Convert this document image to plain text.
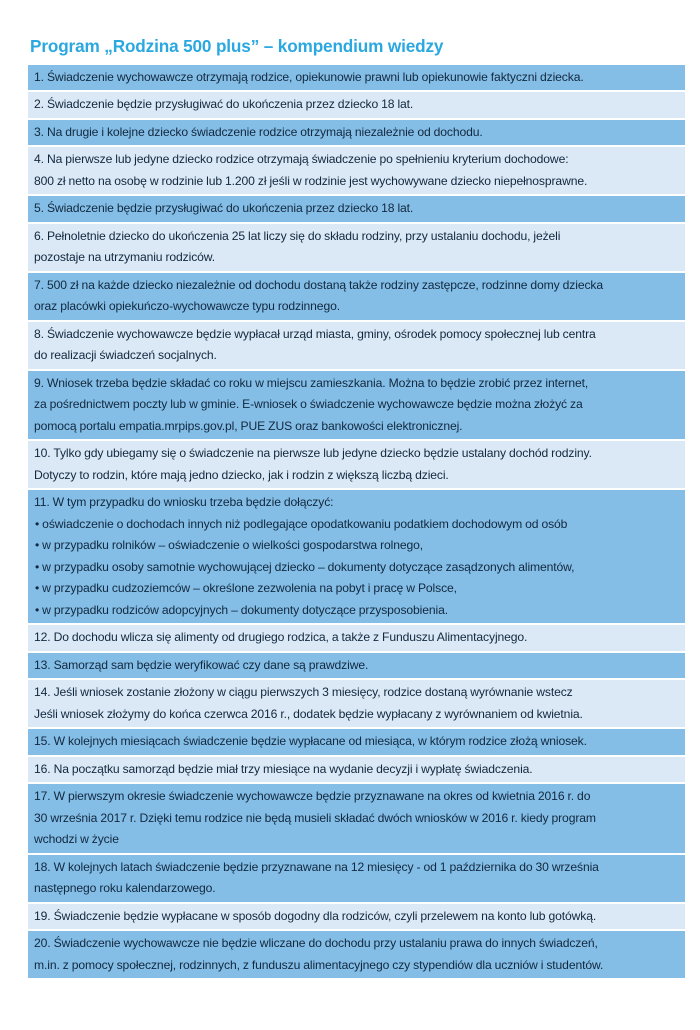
Program „Rodzina 500 plus” – kompendium wiedzy

1. Świadczenie wychowawcze otrzymają rodzice, opiekunowie prawni lub opiekunowie faktyczni dziecka.

2. Świadczenie będzie przysługiwać do ukończenia przez dziecko 18 lat.

3. Na drugie i kolejne dziecko świadczenie rodzice otrzymają niezależnie od dochodu.

4. Na pierwsze lub jedyne dziecko rodzice otrzymają świadczenie po spełnieniu kryterium dochodowe:

800 zł netto na osobę w rodzinie lub 1.200 zł jeśli w rodzinie jest wychowywane dziecko niepełnosprawne.

5. Świadczenie będzie przysługiwać do ukończenia przez dziecko 18 lat.

6. Pełnoletnie dziecko do ukończenia 25 lat liczy się do składu rodziny, przy ustalaniu dochodu, jeżeli

pozostaje na utrzymaniu rodziców.

7. 500 zł na każde dziecko niezależnie od dochodu dostaną także rodziny zastępcze, rodzinne domy dziecka

oraz placówki opiekuńczo-wychowawcze typu rodzinnego.

8. Świadczenie wychowawcze będzie wypłacał urząd miasta, gminy, ośrodek pomocy społecznej lub centra

do realizacji świadczeń socjalnych.

9. Wniosek trzeba będzie składać co roku w miejscu zamieszkania. Można to będzie zrobić przez internet,

za pośrednictwem poczty lub w gminie. E-wniosek o świadczenie wychowawcze będzie można złożyć za

pomocą portalu empatia.mrpips.gov.pl, PUE ZUS oraz bankowości elektronicznej.

10. Tylko gdy ubiegamy się o świadczenie na pierwsze lub jedyne dziecko będzie ustalany dochód rodziny.

Dotyczy to rodzin, które mają jedno dziecko, jak i rodzin z większą liczbą dzieci.

11. W tym przypadku do wniosku trzeba będzie dołączyć:

• oświadczenie o dochodach innych niż podlegające opodatkowaniu podatkiem dochodowym od osób

• w przypadku rolników – oświadczenie o wielkości gospodarstwa rolnego,

• w przypadku osoby samotnie wychowującej dziecko – dokumenty dotyczące zasądzonych alimentów,

• w przypadku cudzoziemców – określone zezwolenia na pobyt i pracę w Polsce,

• w przypadku rodziców adopcyjnych – dokumenty dotyczące przysposobienia.

12. Do dochodu wlicza się alimenty od drugiego rodzica, a także z Funduszu Alimentacyjnego.

13. Samorząd sam będzie weryfikować czy dane są prawdziwe.

14. Jeśli wniosek zostanie złożony w ciągu pierwszych 3 miesięcy, rodzice dostaną wyrównanie wstecz

Jeśli wniosek złożymy do końca czerwca 2016 r., dodatek będzie wypłacany z wyrównaniem od kwietnia.

15. W kolejnych miesiącach świadczenie będzie wypłacane od miesiąca, w którym rodzice złożą wniosek.

16. Na początku samorząd będzie miał trzy miesiące na wydanie decyzji i wypłatę świadczenia.

17. W pierwszym okresie świadczenie wychowawcze będzie przyznawane na okres od kwietnia 2016 r. do

30 września 2017 r. Dzięki temu rodzice nie będą musieli składać dwóch wniosków w 2016 r. kiedy program

wchodzi w życie

18. W kolejnych latach świadczenie będzie przyznawane na 12 miesięcy - od 1 października do 30 września

następnego roku kalendarzowego.

19. Świadczenie będzie wypłacane w sposób dogodny dla rodziców, czyli przelewem na konto lub gotówką.

20. Świadczenie wychowawcze nie będzie wliczane do dochodu przy ustalaniu prawa do innych świadczeń,

m.in. z pomocy społecznej, rodzinnych, z funduszu alimentacyjnego czy stypendiów dla uczniów i studentów.
